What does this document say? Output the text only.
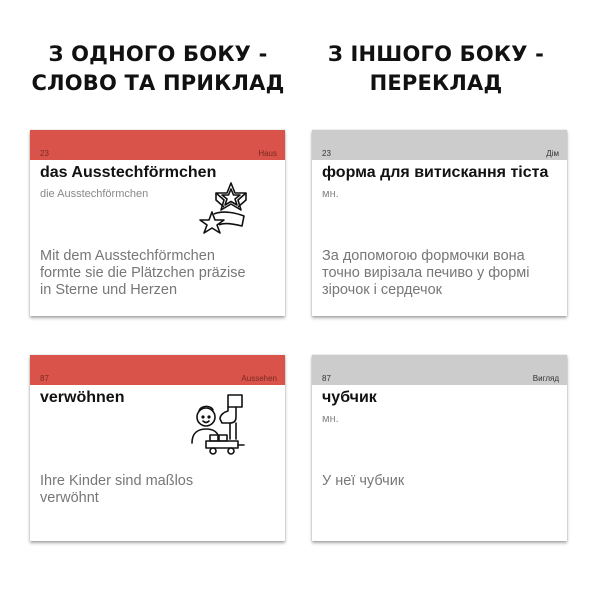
З ОДНОГО БОКУ -
СЛОВО ТА ПРИКЛАД
З ІНШОГО БОКУ -
ПЕРЕКЛАД
23	Haus
das Ausstechförmchen
die Ausstechförmchen
Mit dem Ausstechförmchen
formte sie die Plätzchen präzise
in Sterne und Herzen
23	Дім
форма для витискання тіста
мн.
За допомогою формочки вона
точно вирізала печиво у формі
зірочок і сердечок
87	Aussehen
verwöhnen
Ihre Kinder sind maßlos
verwöhnt
87	Вигляд
чубчик
мн.
У неї чубчик
